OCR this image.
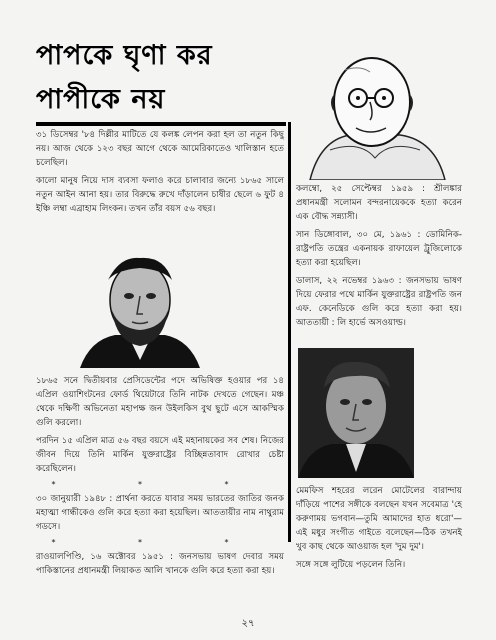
পাপকে ঘৃণা কর
পাপীকে নয়

৩১ ডিসেম্বর '৮৪ দিল্লীর মাটিতে যে কলঙ্ক লেপন করা হল তা নতুন কিছু নয়। আজ থেকে ১২৩ বছর আগে থেকে আমেরিকাতেও খালিস্তান হতে চলেছিল।

কালো মানুষ নিয়ে দাস ব্যবসা ফলাও করে চালাবার জন্যে ১৮৬৫ সালে নতুন আইন আনা হয়। তার বিরুদ্ধে রুখে দাঁড়ালেন চাষীর ছেলে ৬ ফুট ৪ ইঞ্চি লম্বা এব্রাহাম লিংকন। তখন তাঁর বয়স ৫৬ বছর।

১৮৬৫ সনে দ্বিতীয়বার প্রেসিডেন্টের পদে অভিষিক্ত হওয়ার পর ১৪ এপ্রিল ওয়াশিংটনের ফোর্ড থিয়েটারে তিনি নাটক দেখতে গেছেন। মঞ্চ থেকে দক্ষিণী অভিনেতা মহাপক্ষ জন উইলকিস বুথ ছুটে এসে আকস্মিক গুলি করলো।

পরদিন ১৫ এপ্রিল মাত্র ৫৬ বছর বয়সে এই মহানায়কের সব শেষ। নিজের জীবন দিয়ে তিনি মার্কিন যুক্তরাষ্ট্রের বিচ্ছিন্নতাবাদ রোখার চেষ্টা করেছিলেন।

* * *

৩০ জানুয়ারী ১৯৪৮ : প্রার্থনা করতে যাবার সময় ভারতের জাতির জনক মহাত্মা গান্ধীকেও গুলি করে হত্যা করা হয়েছিল। আততায়ীর নাম নাথুরাম গডসে।

* * *

রাওয়ালপিণ্ডি, ১৬ অক্টোবর ১৯৫১ : জনসভায় ভাষণ দেবার সময় পাকিস্তানের প্রধানমন্ত্রী লিয়াকত আলি খানকে গুলি করে হত্যা করা হয়।

কলম্বো, ২৫ সেপ্টেম্বর ১৯৫৯ : শ্রীলঙ্কার প্রধানমন্ত্রী সলোমন বন্দরনায়েককে হত্যা করেন এক বৌদ্ধ সন্ন্যাসী।

সান ডিঙ্গোবাল, ৩০ মে, ১৯৬১ : ডোমিনিক-রাষ্ট্রপতি তন্ত্রের একনায়ক রাফায়েল ট্রুজিলোকে হত্যা করা হয়েছিল।

ডালাস, ২২ নভেম্বর ১৯৬৩ : জনসভায় ভাষণ দিয়ে ফেরার পথে মার্কিন যুক্তরাষ্ট্রের রাষ্ট্রপতি জন এফ. কেনেডিকে গুলি করে হত্যা করা হয়। আততায়ী : লি হার্ভে অসওয়াল্ড।

মেমফিস শহরের লরেন মোটেলের বারান্দায় দাঁড়িয়ে পাশের সঙ্গীকে বলছেন যখন সবেমাত্র 'হে করুণাময় ভগবান—তুমি আমাদের হাত ধরো'—এই মধুর সংগীত গাইতে বলেছেন—ঠিক তখনই খুব কাছ থেকে আওয়াজ হল 'দুম দুম'।

সঙ্গে সঙ্গে লুটিয়ে পড়লেন তিনি।

২৭
